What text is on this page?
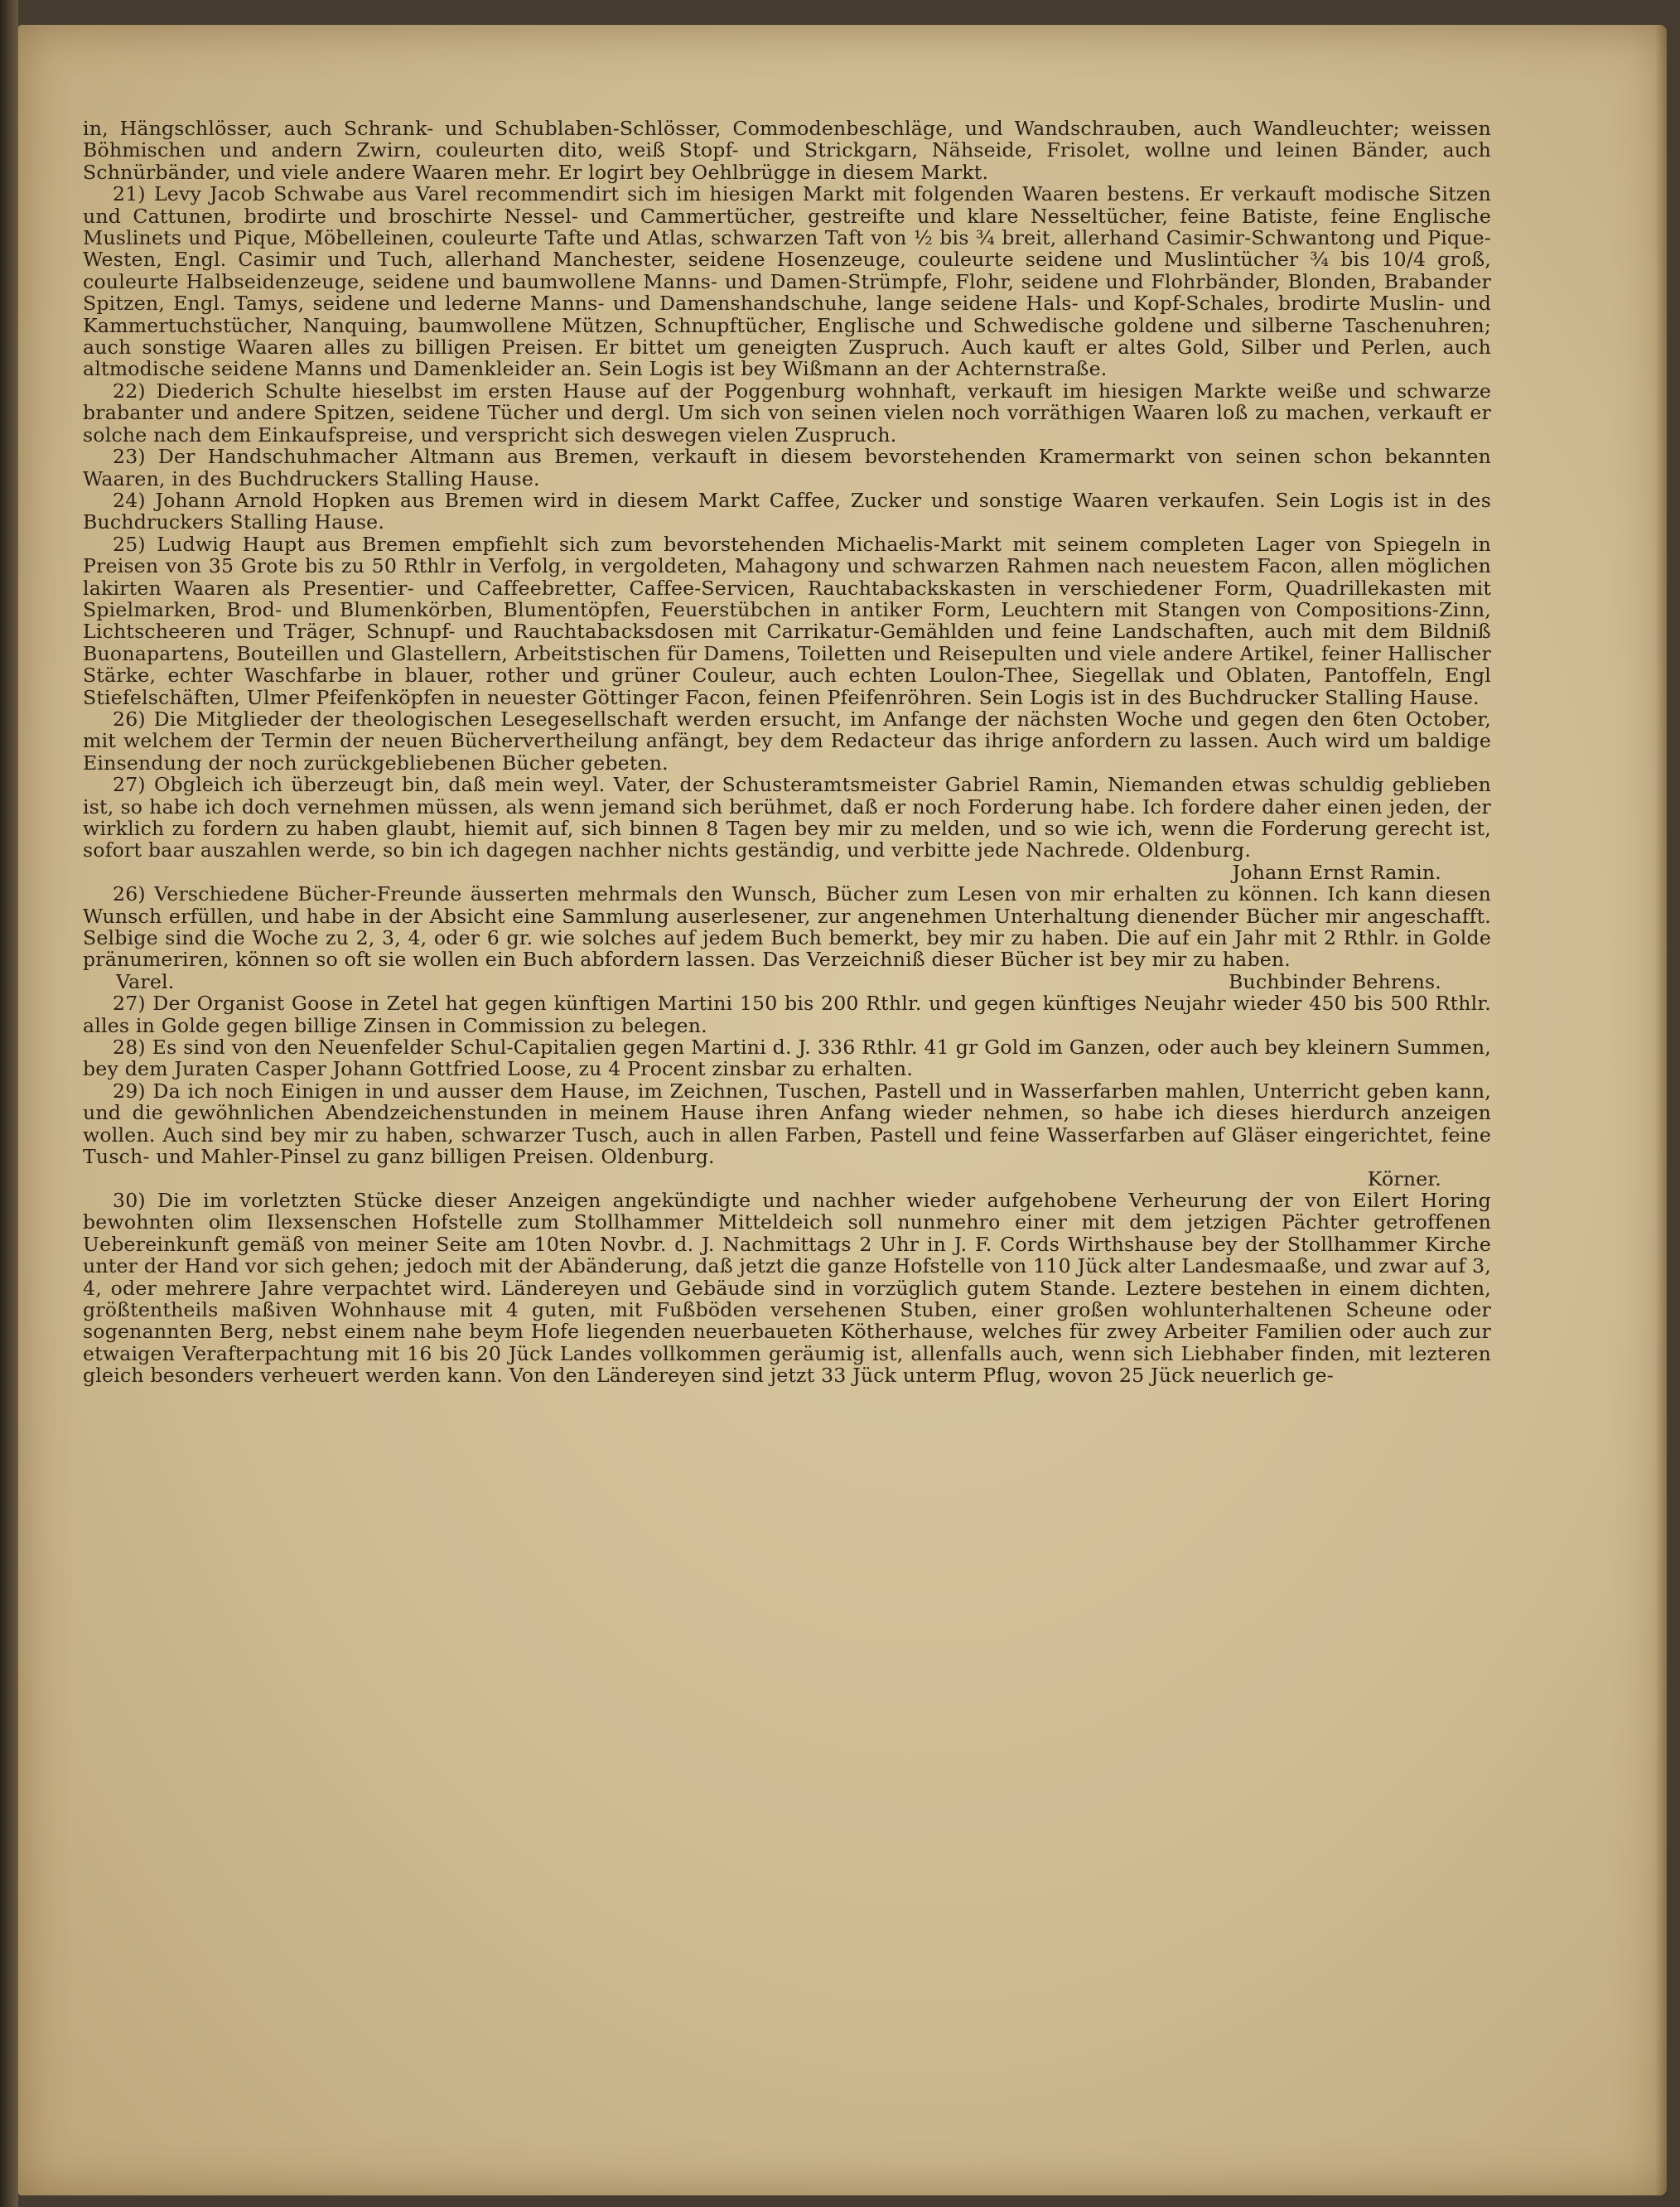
in, Hängschlösser, auch Schrank- und Schublaben-Schlösser, Commodenbeschläge, und Wandschrauben, auch Wandleuchter; weissen Böhmischen und andern Zwirn, couleurten dito, weiß Stopf- und Strickgarn, Nähseide, Frisolet, wollne und leinen Bänder, auch Schnürbänder, und viele andere Waaren mehr. Er logirt bey Oehlbrügge in diesem Markt.

21) Levy Jacob Schwabe aus Varel recommendirt sich im hiesigen Markt mit folgenden Waaren bestens. Er verkauft modische Sitzen und Cattunen, brodirte und broschirte Nessel- und Cammertücher, gestreifte und klare Nesseltücher, feine Batiste, feine Englische Muslinets und Pique, Möbelleinen, couleurte Tafte und Atlas, schwarzen Taft von ½ bis ¾ breit, allerhand Casimir-Schwantong und Pique-Westen, Engl. Casimir und Tuch, allerhand Manchester, seidene Hosenzeuge, couleurte seidene und Muslintücher ¾ bis 10/4 groß, couleurte Halbseidenzeuge, seidene und baumwollene Manns- und Damen-Strümpfe, Flohr, seidene und Flohrbänder, Blonden, Brabander Spitzen, Engl. Tamys, seidene und lederne Manns- und Damenshandschuhe, lange seidene Hals- und Kopf-Schales, brodirte Muslin- und Kammertuchstücher, Nanquing, baumwollene Mützen, Schnupftücher, Englische und Schwedische goldene und silberne Taschenuhren; auch sonstige Waaren alles zu billigen Preisen. Er bittet um geneigten Zuspruch. Auch kauft er altes Gold, Silber und Perlen, auch altmodische seidene Manns und Damenkleider an. Sein Logis ist bey Wißmann an der Achternstraße.

22) Diederich Schulte hieselbst im ersten Hause auf der Poggenburg wohnhaft, verkauft im hiesigen Markte weiße und schwarze brabanter und andere Spitzen, seidene Tücher und dergl. Um sich von seinen vielen noch vorräthigen Waaren loß zu machen, verkauft er solche nach dem Einkaufspreise, und verspricht sich deswegen vielen Zuspruch.

23) Der Handschuhmacher Altmann aus Bremen, verkauft in diesem bevorstehenden Kramermarkt von seinen schon bekannten Waaren, in des Buchdruckers Stalling Hause.

24) Johann Arnold Hopken aus Bremen wird in diesem Markt Caffee, Zucker und sonstige Waaren verkaufen. Sein Logis ist in des Buchdruckers Stalling Hause.

25) Ludwig Haupt aus Bremen empfiehlt sich zum bevorstehenden Michaelis-Markt mit seinem completen Lager von Spiegeln in Preisen von 35 Grote bis zu 50 Rthlr in Verfolg, in vergoldeten, Mahagony und schwarzen Rahmen nach neuestem Facon, allen möglichen lakirten Waaren als Presentier- und Caffeebretter, Caffee-Servicen, Rauchtabackskasten in verschiedener Form, Quadrillekasten mit Spielmarken, Brod- und Blumenkörben, Blumentöpfen, Feuerstübchen in antiker Form, Leuchtern mit Stangen von Compositions-Zinn, Lichtscheeren und Träger, Schnupf- und Rauchtabacksdosen mit Carrikatur-Gemählden und feine Landschaften, auch mit dem Bildniß Buonapartens, Bouteillen und Glastellern, Arbeitstischen für Damens, Toiletten und Reisepulten und viele andere Artikel, feiner Hallischer Stärke, echter Waschfarbe in blauer, rother und grüner Couleur, auch echten Loulon-Thee, Siegellak und Oblaten, Pantoffeln, Engl Stiefelschäften, Ulmer Pfeifenköpfen in neuester Göttinger Facon, feinen Pfeifenröhren. Sein Logis ist in des Buchdrucker Stalling Hause.

26) Die Mitglieder der theologischen Lesegesellschaft werden ersucht, im Anfange der nächsten Woche und gegen den 6ten October, mit welchem der Termin der neuen Büchervertheilung anfängt, bey dem Redacteur das ihrige anfordern zu lassen. Auch wird um baldige Einsendung der noch zurückgebliebenen Bücher gebeten.

27) Obgleich ich überzeugt bin, daß mein weyl. Vater, der Schusteramtsmeister Gabriel Ramin, Niemanden etwas schuldig geblieben ist, so habe ich doch vernehmen müssen, als wenn jemand sich berühmet, daß er noch Forderung habe. Ich fordere daher einen jeden, der wirklich zu fordern zu haben glaubt, hiemit auf, sich binnen 8 Tagen bey mir zu melden, und so wie ich, wenn die Forderung gerecht ist, sofort baar auszahlen werde, so bin ich dagegen nachher nichts geständig, und verbitte jede Nachrede. Oldenburg.

Johann Ernst Ramin.

26) Verschiedene Bücher-Freunde äusserten mehrmals den Wunsch, Bücher zum Lesen von mir erhalten zu können. Ich kann diesen Wunsch erfüllen, und habe in der Absicht eine Sammlung auserlesener, zur angenehmen Unterhaltung dienender Bücher mir angeschafft. Selbige sind die Woche zu 2, 3, 4, oder 6 gr. wie solches auf jedem Buch bemerkt, bey mir zu haben. Die auf ein Jahr mit 2 Rthlr. in Golde pränumeriren, können so oft sie wollen ein Buch abfordern lassen. Das Verzeichniß dieser Bücher ist bey mir zu haben.

Varel.	Buchbinder Behrens.

27) Der Organist Goose in Zetel hat gegen künftigen Martini 150 bis 200 Rthlr. und gegen künftiges Neujahr wieder 450 bis 500 Rthlr. alles in Golde gegen billige Zinsen in Commission zu belegen.

28) Es sind von den Neuenfelder Schul-Capitalien gegen Martini d. J. 336 Rthlr. 41 gr Gold im Ganzen, oder auch bey kleinern Summen, bey dem Juraten Casper Johann Gottfried Loose, zu 4 Procent zinsbar zu erhalten.

29) Da ich noch Einigen in und ausser dem Hause, im Zeichnen, Tuschen, Pastell und in Wasserfarben mahlen, Unterricht geben kann, und die gewöhnlichen Abendzeichenstunden in meinem Hause ihren Anfang wieder nehmen, so habe ich dieses hierdurch anzeigen wollen. Auch sind bey mir zu haben, schwarzer Tusch, auch in allen Farben, Pastell und feine Wasserfarben auf Gläser eingerichtet, feine Tusch- und Mahler-Pinsel zu ganz billigen Preisen. Oldenburg.

Körner.

30) Die im vorletzten Stücke dieser Anzeigen angekündigte und nachher wieder aufgehobene Verheurung der von Eilert Horing bewohnten olim Ilexsenschen Hofstelle zum Stollhammer Mitteldeich soll nunmehro einer mit dem jetzigen Pächter getroffenen Uebereinkunft gemäß von meiner Seite am 10ten Novbr. d. J. Nachmittags 2 Uhr in J. F. Cords Wirthshause bey der Stollhammer Kirche unter der Hand vor sich gehen; jedoch mit der Abänderung, daß jetzt die ganze Hofstelle von 110 Jück alter Landesmaaße, und zwar auf 3, 4, oder mehrere Jahre verpachtet wird. Ländereyen und Gebäude sind in vorzüglich gutem Stande. Leztere bestehen in einem dichten, größtentheils maßiven Wohnhause mit 4 guten, mit Fußböden versehenen Stuben, einer großen wohlunterhaltenen Scheune oder sogenannten Berg, nebst einem nahe beym Hofe liegenden neuerbaueten Kötherhause, welches für zwey Arbeiter Familien oder auch zur etwaigen Verafterpachtung mit 16 bis 20 Jück Landes vollkommen geräumig ist, allenfalls auch, wenn sich Liebhaber finden, mit lezteren gleich besonders verheuert werden kann. Von den Ländereyen sind jetzt 33 Jück unterm Pflug, wovon 25 Jück neuerlich ge-
